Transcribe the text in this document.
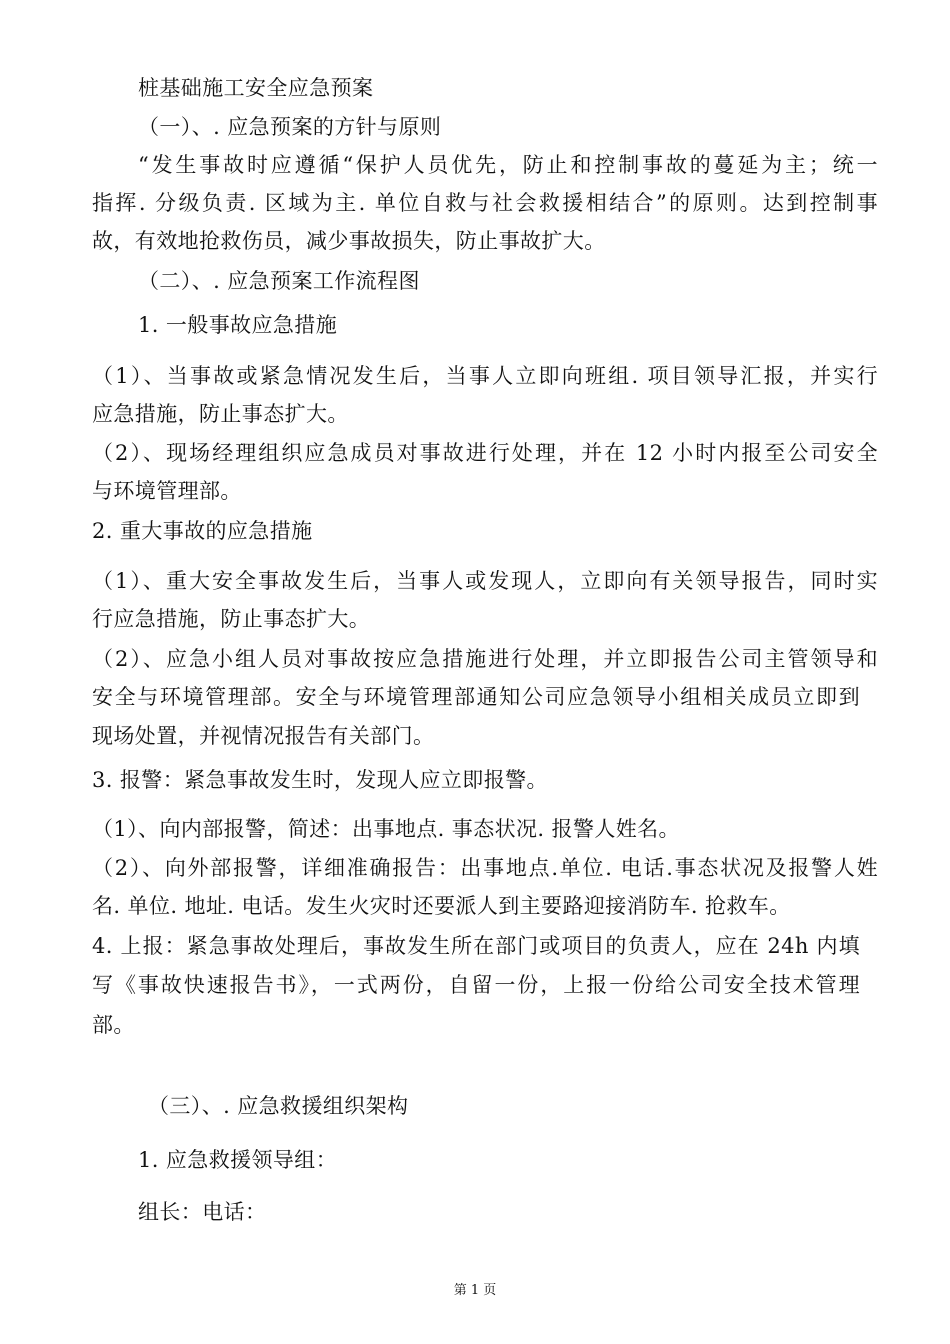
桩基础施工安全应急预案
（一）、. 应急预案的方针与原则
“发生事故时应遵循“保护人员优先，防止和控制事故的蔓延为主；统一
指挥. 分级负责. 区域为主. 单位自救与社会救援相结合”的原则。达到控制事
故，有效地抢救伤员，减少事故损失，防止事故扩大。
（二）、. 应急预案工作流程图
1. 一般事故应急措施
（1）、当事故或紧急情况发生后，当事人立即向班组. 项目领导汇报，并实行
应急措施，防止事态扩大。
（2）、现场经理组织应急成员对事故进行处理，并在 12 小时内报至公司安全
与环境管理部。
2. 重大事故的应急措施
（1）、重大安全事故发生后，当事人或发现人，立即向有关领导报告，同时实
行应急措施，防止事态扩大。
（2）、应急小组人员对事故按应急措施进行处理，并立即报告公司主管领导和
安全与环境管理部。安全与环境管理部通知公司应急领导小组相关成员立即到
现场处置，并视情况报告有关部门。
3. 报警：紧急事故发生时，发现人应立即报警。
（1）、向内部报警，简述：出事地点. 事态状况. 报警人姓名。
（2）、向外部报警，详细准确报告：出事地点.单位. 电话.事态状况及报警人姓
名. 单位. 地址. 电话。发生火灾时还要派人到主要路迎接消防车. 抢救车。
4. 上报：紧急事故处理后，事故发生所在部门或项目的负责人，应在 24h 内填
写《事故快速报告书》，一式两份，自留一份，上报一份给公司安全技术管理
部。
（三）、. 应急救援组织架构
1. 应急救援领导组：
组长：电话：
第 1 页
